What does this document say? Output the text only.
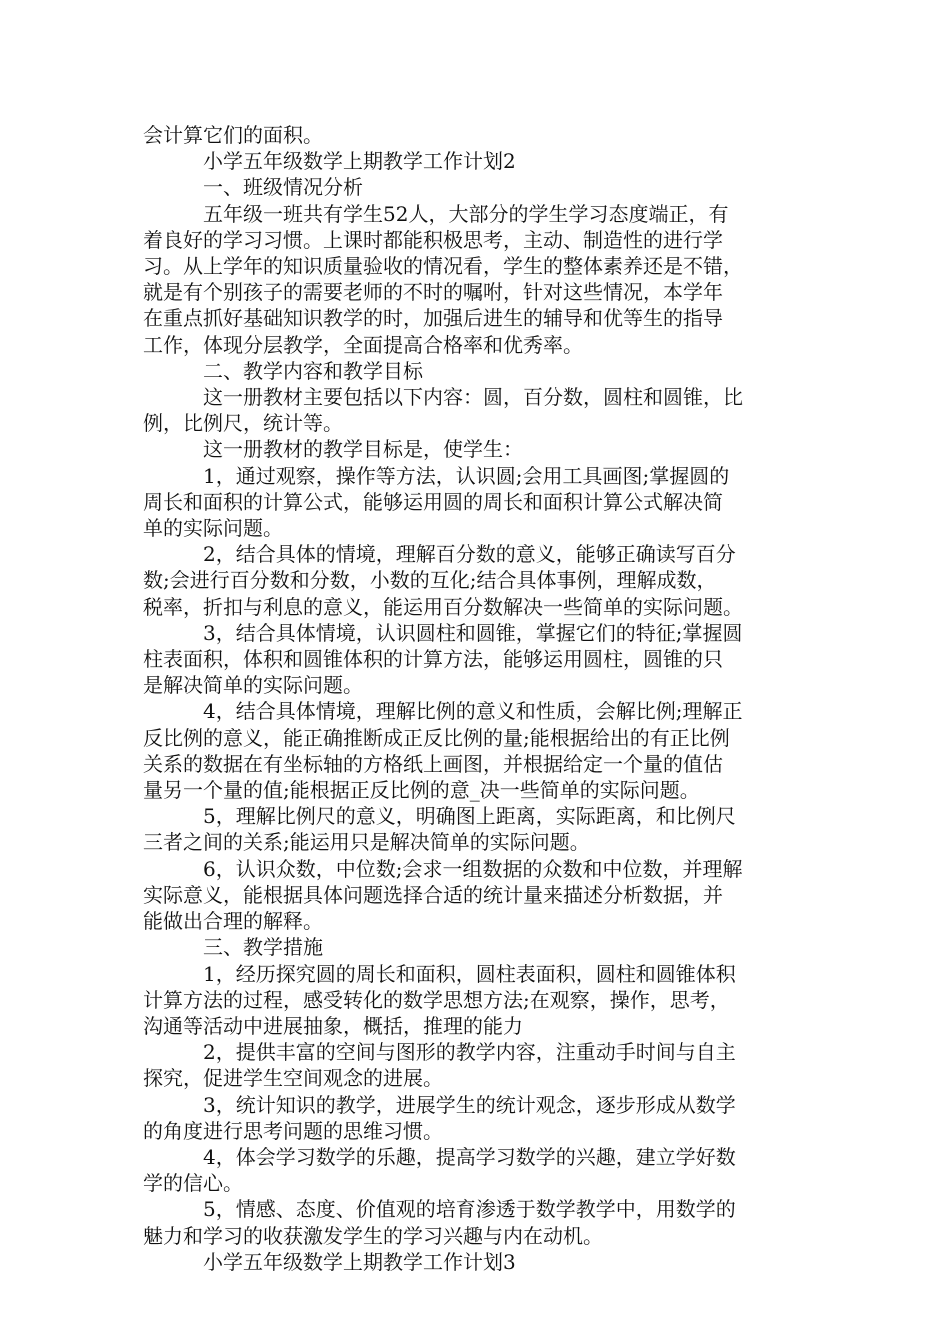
会计算它们的面积。
小学五年级数学上期教学工作计划2
一、班级情况分析
五年级一班共有学生52人，大部分的学生学习态度端正，有
着良好的学习习惯。上课时都能积极思考，主动、制造性的进行学
习。从上学年的知识质量验收的情况看，学生的整体素养还是不错，
就是有个别孩子的需要老师的不时的嘱咐，针对这些情况，本学年
在重点抓好基础知识教学的时，加强后进生的辅导和优等生的指导
工作，体现分层教学，全面提高合格率和优秀率。
二、教学内容和教学目标
这一册教材主要包括以下内容：圆，百分数，圆柱和圆锥，比
例，比例尺，统计等。
这一册教材的教学目标是，使学生：
1，通过观察，操作等方法，认识圆;会用工具画图;掌握圆的
周长和面积的计算公式，能够运用圆的周长和面积计算公式解决简
单的实际问题。
2，结合具体的情境，理解百分数的意义，能够正确读写百分
数;会进行百分数和分数，小数的互化;结合具体事例，理解成数，
税率，折扣与利息的意义，能运用百分数解决一些简单的实际问题。
3，结合具体情境，认识圆柱和圆锥，掌握它们的特征;掌握圆
柱表面积，体积和圆锥体积的计算方法，能够运用圆柱，圆锥的只
是解决简单的实际问题。
4，结合具体情境，理解比例的意义和性质，会解比例;理解正
反比例的意义，能正确推断成正反比例的量;能根据给出的有正比例
关系的数据在有坐标轴的方格纸上画图，并根据给定一个量的值估
量另一个量的值;能根据正反比例的意_决一些简单的实际问题。
5，理解比例尺的意义，明确图上距离，实际距离，和比例尺
三者之间的关系;能运用只是解决简单的实际问题。
6，认识众数，中位数;会求一组数据的众数和中位数，并理解
实际意义，能根据具体问题选择合适的统计量来描述分析数据，并
能做出合理的解释。
三、教学措施
1，经历探究圆的周长和面积，圆柱表面积，圆柱和圆锥体积
计算方法的过程，感受转化的数学思想方法;在观察，操作，思考，
沟通等活动中进展抽象，概括，推理的能力
2，提供丰富的空间与图形的教学内容，注重动手时间与自主
探究，促进学生空间观念的进展。
3，统计知识的教学，进展学生的统计观念，逐步形成从数学
的角度进行思考问题的思维习惯。
4，体会学习数学的乐趣，提高学习数学的兴趣，建立学好数
学的信心。
5，情感、态度、价值观的培育渗透于数学教学中，用数学的
魅力和学习的收获激发学生的学习兴趣与内在动机。
小学五年级数学上期教学工作计划3
